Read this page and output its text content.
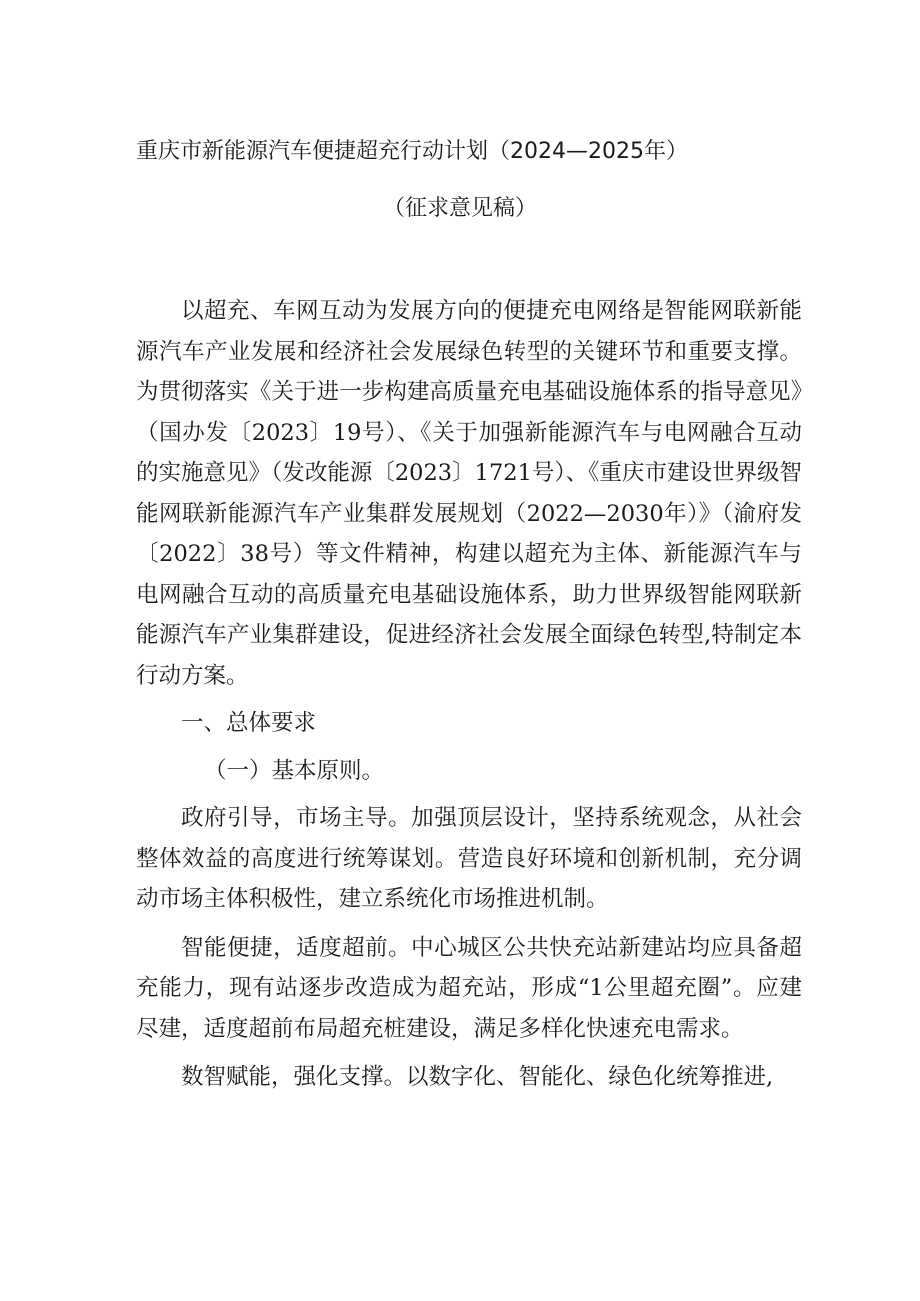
重庆市新能源汽车便捷超充行动计划（2024—2025年）
（征求意见稿）

以超充、车网互动为发展方向的便捷充电网络是智能网联新能源汽车产业发展和经济社会发展绿色转型的关键环节和重要支撑。为贯彻落实《关于进一步构建高质量充电基础设施体系的指导意见》（国办发〔2023〕19号）、《关于加强新能源汽车与电网融合互动的实施意见》（发改能源〔2023〕1721号）、《重庆市建设世界级智能网联新能源汽车产业集群发展规划（2022—2030年）》（渝府发〔2022〕38号）等文件精神，构建以超充为主体、新能源汽车与电网融合互动的高质量充电基础设施体系，助力世界级智能网联新能源汽车产业集群建设，促进经济社会发展全面绿色转型,特制定本行动方案。

一、总体要求

（一）基本原则。

政府引导，市场主导。加强顶层设计，坚持系统观念，从社会整体效益的高度进行统筹谋划。营造良好环境和创新机制，充分调动市场主体积极性，建立系统化市场推进机制。

智能便捷，适度超前。中心城区公共快充站新建站均应具备超充能力，现有站逐步改造成为超充站，形成“1公里超充圈”。应建尽建，适度超前布局超充桩建设，满足多样化快速充电需求。

数智赋能，强化支撑。以数字化、智能化、绿色化统筹推进,
